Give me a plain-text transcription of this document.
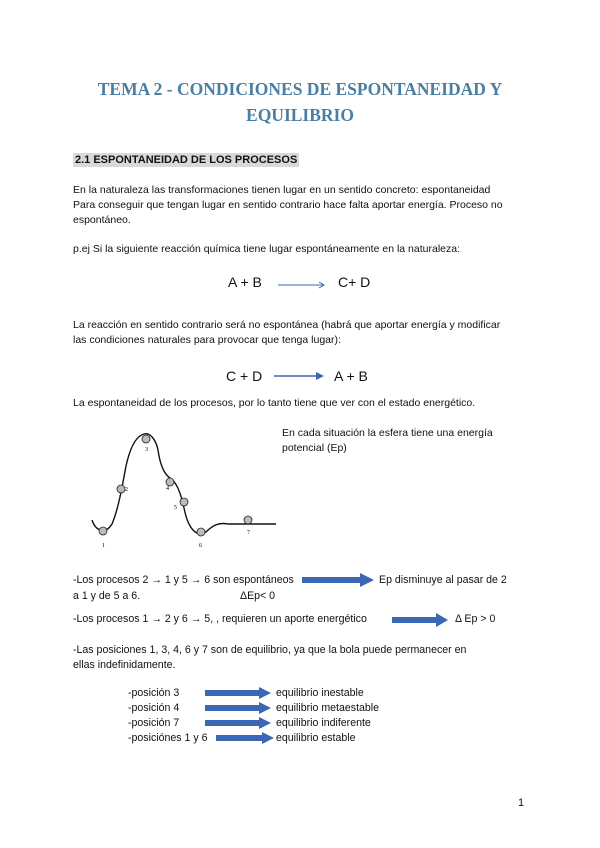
TEMA 2 - CONDICIONES DE ESPONTANEIDAD Y
EQUILIBRIO
2.1 ESPONTANEIDAD DE LOS PROCESOS
En la naturaleza las transformaciones tienen lugar en un sentido concreto: espontaneidad
Para conseguir que tengan lugar en sentido contrario hace falta aportar energía. Proceso no
espontáneo.
p.ej Si la siguiente reacción química tiene lugar espontáneamente en la naturaleza:
A + B → C+ D
La reacción en sentido contrario será no espontánea (habrá que aportar energía y modificar
las condiciones naturales para provocar que tenga lugar):
C + D → A + B
La espontaneidad de los procesos, por lo tanto tiene que ver con el estado energético.
En cada situación la esfera tiene una energía
potencial (Ep)
1
2
3
4
5
6
7
-Los procesos 2 → 1 y 5 → 6 son espontáneos	Ep disminuye al pasar de 2
a 1 y de 5 a 6.	ΔEp< 0
-Los procesos 1 → 2 y 6 → 5, , requieren un aporte energético	Δ Ep > 0
-Las posiciones 1, 3, 4, 6 y 7 son de equilibrio, ya que la bola puede permanecer en
ellas indefinidamente.
-posición 3	equilibrio inestable
-posición 4	equilibrio metaestable
-posición 7	equilibrio indiferente
-posiciónes 1 y 6	equilibrio estable
1
